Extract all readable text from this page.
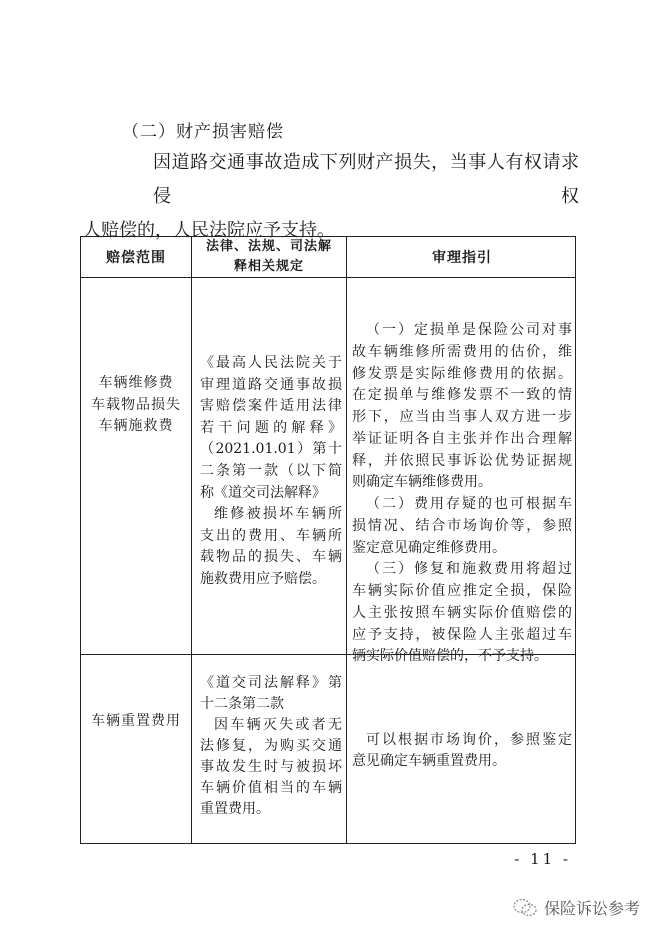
（二）财产损害赔偿
因道路交通事故造成下列财产损失，当事人有权请求侵权
人赔偿的，人民法院应予支持。
赔偿范围
法律、法规、司法解
释相关规定	审理指引
车辆维修费
车载物品损失
车辆施救费
《最高人民法院关于
审理道路交通事故损
害赔偿案件适用法律
若干问题的解释》
（2021.01.01）第十
二条第一款（以下简
称《道交司法解释》
维修被损坏车辆所
支出的费用、车辆所
载物品的损失、车辆
施救费用应予赔偿。
（一）定损单是保险公司对事
故车辆维修所需费用的估价，维
修发票是实际维修费用的依据。
在定损单与维修发票不一致的情
形下，应当由当事人双方进一步
举证证明各自主张并作出合理解
释，并依照民事诉讼优势证据规
则确定车辆维修费用。
（二）费用存疑的也可根据车
损情况、结合市场询价等，参照
鉴定意见确定维修费用。
（三）修复和施救费用将超过
车辆实际价值应推定全损，保险
人主张按照车辆实际价值赔偿的
应予支持，被保险人主张超过车
辆实际价值赔偿的，不予支持。
车辆重置费用
《道交司法解释》第
十二条第二款
因车辆灭失或者无
法修复，为购买交通
事故发生时与被损坏
车辆价值相当的车辆
重置费用。
可以根据市场询价，参照鉴定
意见确定车辆重置费用。
- 11 -
保险诉讼参考
